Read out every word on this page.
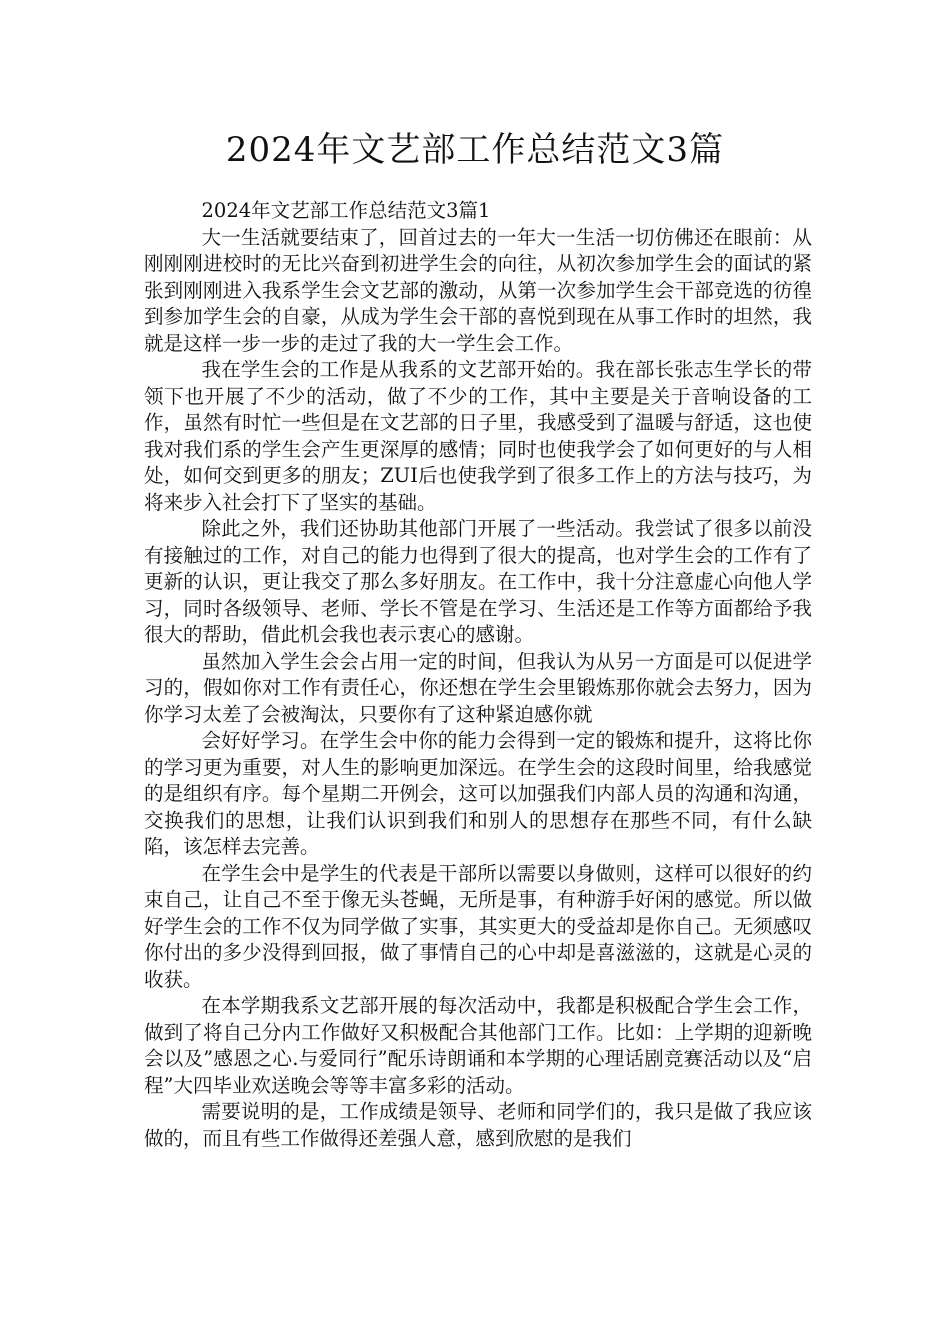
2024年文艺部工作总结范文3篇

2024年文艺部工作总结范文3篇1

大一生活就要结束了，回首过去的一年大一生活一切仿佛还在眼前：从刚刚刚进校时的无比兴奋到初进学生会的向往，从初次参加学生会的面试的紧张到刚刚进入我系学生会文艺部的激动，从第一次参加学生会干部竞选的彷徨到参加学生会的自豪，从成为学生会干部的喜悦到现在从事工作时的坦然，我就是这样一步一步的走过了我的大一学生会工作。

我在学生会的工作是从我系的文艺部开始的。我在部长张志生学长的带领下也开展了不少的活动，做了不少的工作，其中主要是关于音响设备的工作，虽然有时忙一些但是在文艺部的日子里，我感受到了温暖与舒适，这也使我对我们系的学生会产生更深厚的感情；同时也使我学会了如何更好的与人相处，如何交到更多的朋友；ZUI后也使我学到了很多工作上的方法与技巧，为将来步入社会打下了坚实的基础。

除此之外，我们还协助其他部门开展了一些活动。我尝试了很多以前没有接触过的工作，对自己的能力也得到了很大的提高，也对学生会的工作有了更新的认识，更让我交了那么多好朋友。在工作中，我十分注意虚心向他人学习，同时各级领导、老师、学长不管是在学习、生活还是工作等方面都给予我很大的帮助，借此机会我也表示衷心的感谢。

虽然加入学生会会占用一定的时间，但我认为从另一方面是可以促进学习的，假如你对工作有责任心，你还想在学生会里锻炼那你就会去努力，因为你学习太差了会被淘汰，只要你有了这种紧迫感你就

会好好学习。在学生会中你的能力会得到一定的锻炼和提升，这将比你的学习更为重要，对人生的影响更加深远。在学生会的这段时间里，给我感觉的是组织有序。每个星期二开例会，这可以加强我们内部人员的沟通和沟通，交换我们的思想，让我们认识到我们和别人的思想存在那些不同，有什么缺陷，该怎样去完善。

在学生会中是学生的代表是干部所以需要以身做则，这样可以很好的约束自己，让自己不至于像无头苍蝇，无所是事，有种游手好闲的感觉。所以做好学生会的工作不仅为同学做了实事，其实更大的受益却是你自己。无须感叹你付出的多少没得到回报，做了事情自己的心中却是喜滋滋的，这就是心灵的收获。

在本学期我系文艺部开展的每次活动中，我都是积极配合学生会工作，做到了将自己分内工作做好又积极配合其他部门工作。比如：上学期的迎新晚会以及”感恩之心.与爱同行”配乐诗朗诵和本学期的心理话剧竞赛活动以及“启程”大四毕业欢送晚会等等丰富多彩的活动。

需要说明的是，工作成绩是领导、老师和同学们的，我只是做了我应该做的，而且有些工作做得还差强人意，感到欣慰的是我们
